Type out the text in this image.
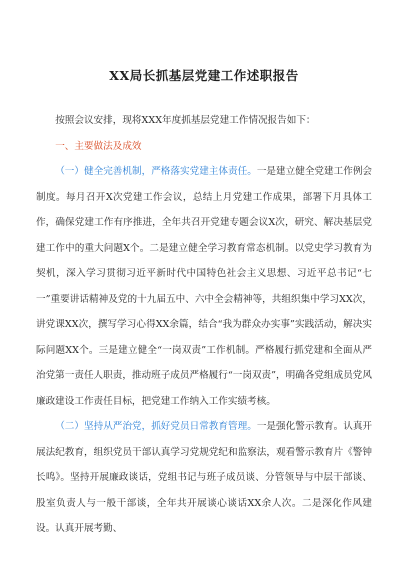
XX局长抓基层党建工作述职报告

按照会议安排，现将XXX年度抓基层党建工作情况报告如下：

一、主要做法及成效

（一）健全完善机制，严格落实党建主体责任。一是建立健全党建工作例会制度。每月召开X次党建工作会议，总结上月党建工作成果，部署下月具体工作，确保党建工作有序推进，全年共召开党建专题会议X次，研究、解决基层党建工作中的重大问题X个。二是建立健全学习教育常态机制。以党史学习教育为契机，深入学习贯彻习近平新时代中国特色社会主义思想、习近平总书记“七一”重要讲话精神及党的十九届五中、六中全会精神等，共组织集中学习XX次，讲党课XX次，撰写学习心得XX余篇，结合“我为群众办实事”实践活动，解决实际问题XX个。三是建立健全“一岗双责”工作机制。严格履行抓党建和全面从严治党第一责任人职责，推动班子成员严格履行“一岗双责”，明确各党组成员党风廉政建设工作责任目标，把党建工作纳入工作实绩考核。

（二）坚持从严治党，抓好党员日常教育管理。一是强化警示教育。认真开展法纪教育，组织党员干部认真学习党规党纪和监察法，观看警示教育片《警钟长鸣》。坚持开展廉政谈话，党组书记与班子成员谈、分管领导与中层干部谈、股室负责人与一般干部谈，全年共开展谈心谈话XX余人次。二是深化作风建设。认真开展考勤、
